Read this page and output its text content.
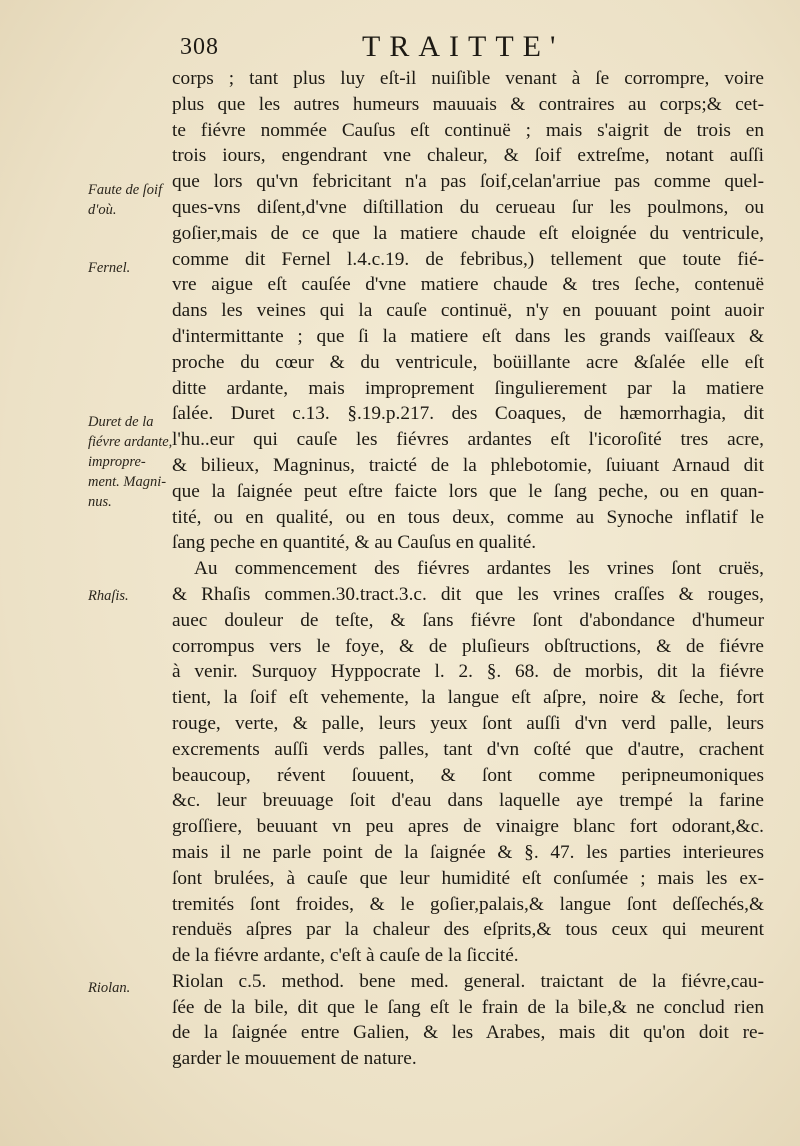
308	TRAITTE'
corps ; tant plus luy eſt-il nuiſible venant à ſe corrompre, voire
plus que les autres humeurs mauuais & contraires au corps;& cet-
te fiévre nommée Cauſus eſt continuë ; mais s'aigrit de trois en
trois iours, engendrant vne chaleur, & ſoif extreſme, notant auſſi
que lors qu'vn febricitant n'a pas ſoif,celan'arriue pas comme quel-
ques-vns diſent,d'vne diſtillation du cerueau ſur les poulmons, ou
goſier,mais de ce que la matiere chaude eſt eloignée du ventricule,
comme dit Fernel l.4.c.19. de febribus,) tellement que toute fié-
vre aigue eſt cauſée d'vne matiere chaude & tres ſeche, contenuë
dans les veines qui la cauſe continuë, n'y en pouuant point auoir
d'intermittante ; que ſi la matiere eſt dans les grands vaiſſeaux &
proche du cœur & du ventricule, boüillante acre &ſalée elle eſt
ditte ardante, mais improprement ſingulierement par la matiere
ſalée. Duret c.13. §.19.p.217. des Coaques, de hæmorrhagia, dit
l'hu..eur qui cauſe les fiévres ardantes eſt l'icoroſité tres acre,
& bilieux, Magninus, traicté de la phlebotomie, ſuiuant Arnaud dit
que la ſaignée peut eſtre faicte lors que le ſang peche, ou en quan-
tité, ou en qualité, ou en tous deux, comme au Synoche inflatif le
ſang peche en quantité, & au Cauſus en qualité.
Au commencement des fiévres ardantes les vrines ſont cruës,
& Rhaſis commen.30.tract.3.c. dit que les vrines craſſes & rouges,
auec douleur de teſte, & ſans fiévre ſont d'abondance d'humeur
corrompus vers le foye, & de pluſieurs obſtructions, & de fiévre
à venir. Surquoy Hyppocrate l. 2. §. 68. de morbis, dit la fiévre
tient, la ſoif eſt vehemente, la langue eſt aſpre, noire & ſeche, fort
rouge, verte, & palle, leurs yeux ſont auſſi d'vn verd palle, leurs
excrements auſſi verds palles, tant d'vn coſté que d'autre, crachent
beaucoup, révent ſouuent, & ſont comme peripneumoniques
&c. leur breuuage ſoit d'eau dans laquelle aye trempé la farine
groſſiere, beuuant vn peu apres de vinaigre blanc fort odorant,&c.
mais il ne parle point de la ſaignée & §. 47. les parties interieures
ſont brulées, à cauſe que leur humidité eſt conſumée ; mais les ex-
tremités ſont froides, & le goſier,palais,& langue ſont deſſechés,&
renduës aſpres par la chaleur des eſprits,& tous ceux qui meurent
de la fiévre ardante, c'eſt à cauſe de la ſiccité.
Riolan c.5. method. bene med. general. traictant de la fiévre,cau-
ſée de la bile, dit que le ſang eſt le frain de la bile,& ne conclud rien
de la ſaignée entre Galien, & les Arabes, mais dit qu'on doit re-
garder le mouuement de nature.
Faute de ſoif d'où.
Fernel.
Duret de la fiévre ardante, impropre-ment. Magni-nus.
Rhaſis.
Riolan.
